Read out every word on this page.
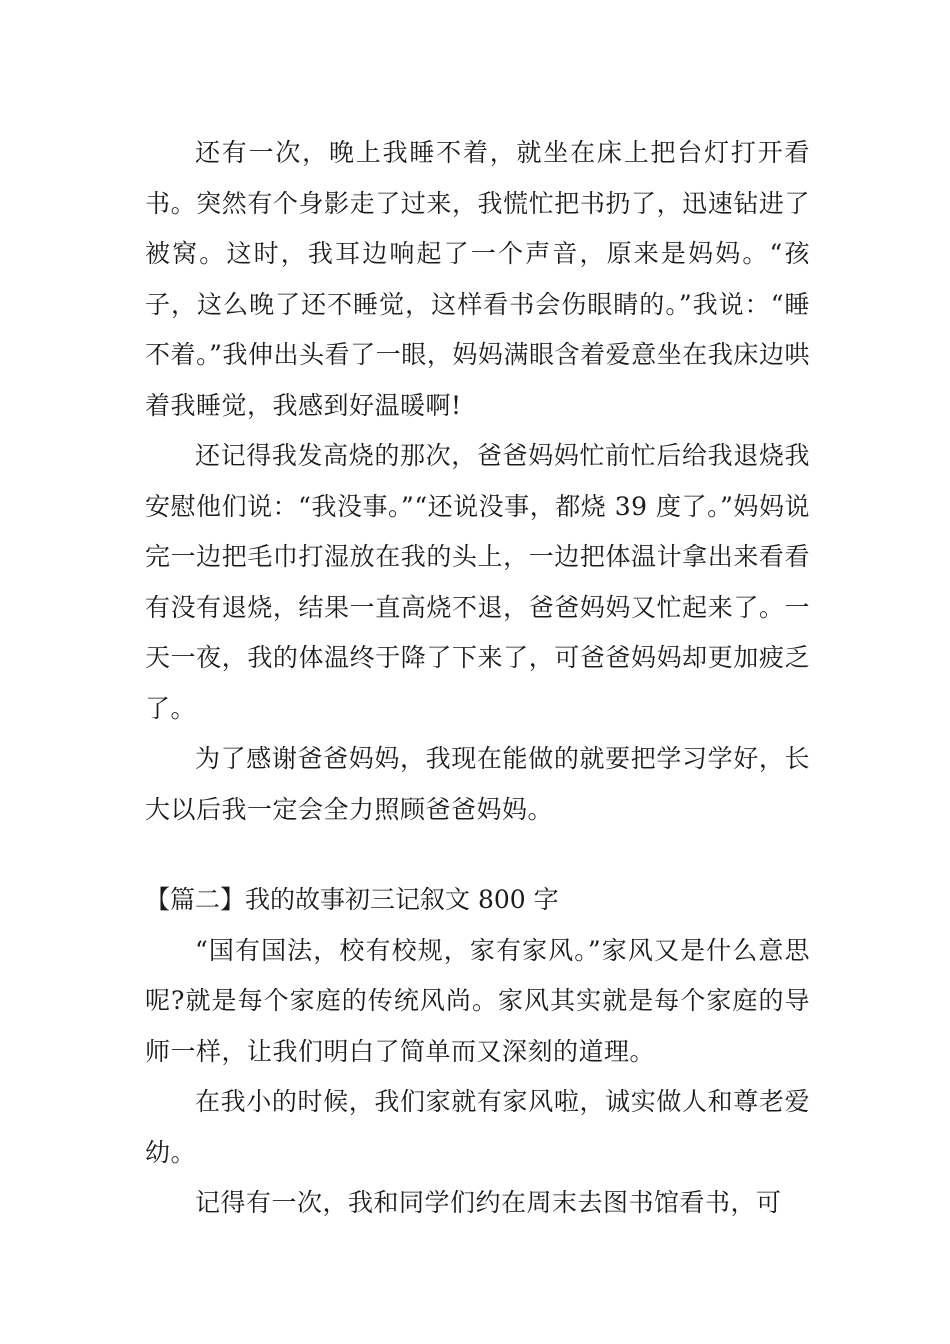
还有一次，晚上我睡不着，就坐在床上把台灯打开看书。突然有个身影走了过来，我慌忙把书扔了，迅速钻进了被窝。这时，我耳边响起了一个声音，原来是妈妈。“孩子，这么晚了还不睡觉，这样看书会伤眼睛的。”我说：“睡不着。”我伸出头看了一眼，妈妈满眼含着爱意坐在我床边哄着我睡觉，我感到好温暖啊!

还记得我发高烧的那次，爸爸妈妈忙前忙后给我退烧我安慰他们说：“我没事。”“还说没事，都烧 39 度了。”妈妈说完一边把毛巾打湿放在我的头上，一边把体温计拿出来看看有没有退烧，结果一直高烧不退，爸爸妈妈又忙起来了。一天一夜，我的体温终于降了下来了，可爸爸妈妈却更加疲乏了。

为了感谢爸爸妈妈，我现在能做的就要把学习学好，长大以后我一定会全力照顾爸爸妈妈。

【篇二】我的故事初三记叙文 800 字

“国有国法，校有校规，家有家风。”家风又是什么意思呢?就是每个家庭的传统风尚。家风其实就是每个家庭的导师一样，让我们明白了简单而又深刻的道理。

在我小的时候，我们家就有家风啦，诚实做人和尊老爱幼。

记得有一次，我和同学们约在周末去图书馆看书，可
